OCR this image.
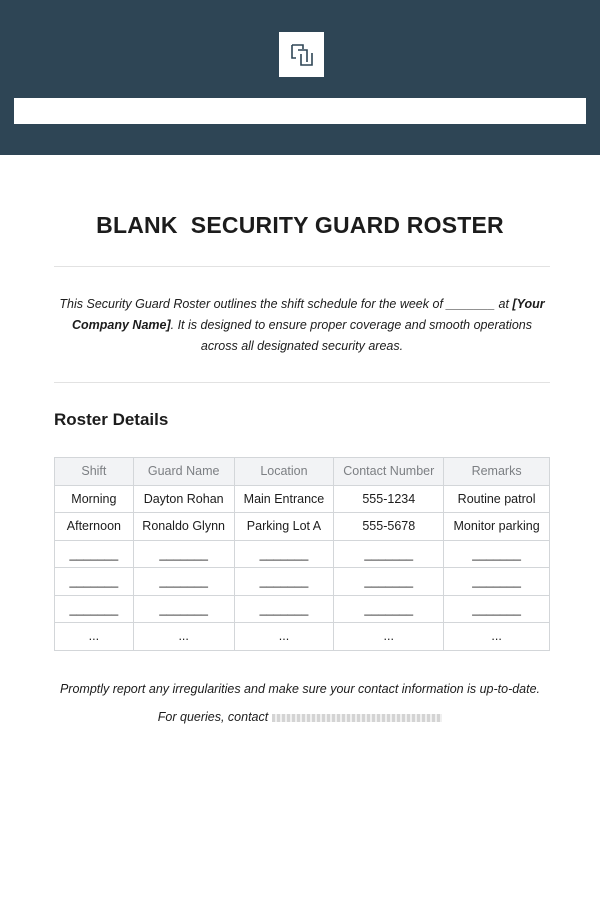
BLANK  SECURITY GUARD ROSTER
This Security Guard Roster outlines the shift schedule for the week of _______ at [Your Company Name]. It is designed to ensure proper coverage and smooth operations across all designated security areas.
Roster Details
Shift	Guard Name	Location	Contact Number	Remarks
Morning	Dayton Rohan	Main Entrance	555-1234	Routine patrol
Afternoon	Ronaldo Glynn	Parking Lot A	555-5678	Monitor parking
_______	_______	_______	_______	_______
_______	_______	_______	_______	_______
_______	_______	_______	_______	_______
...	...	...	...	...
Promptly report any irregularities and make sure your contact information is up-to-date.
For queries, contact
